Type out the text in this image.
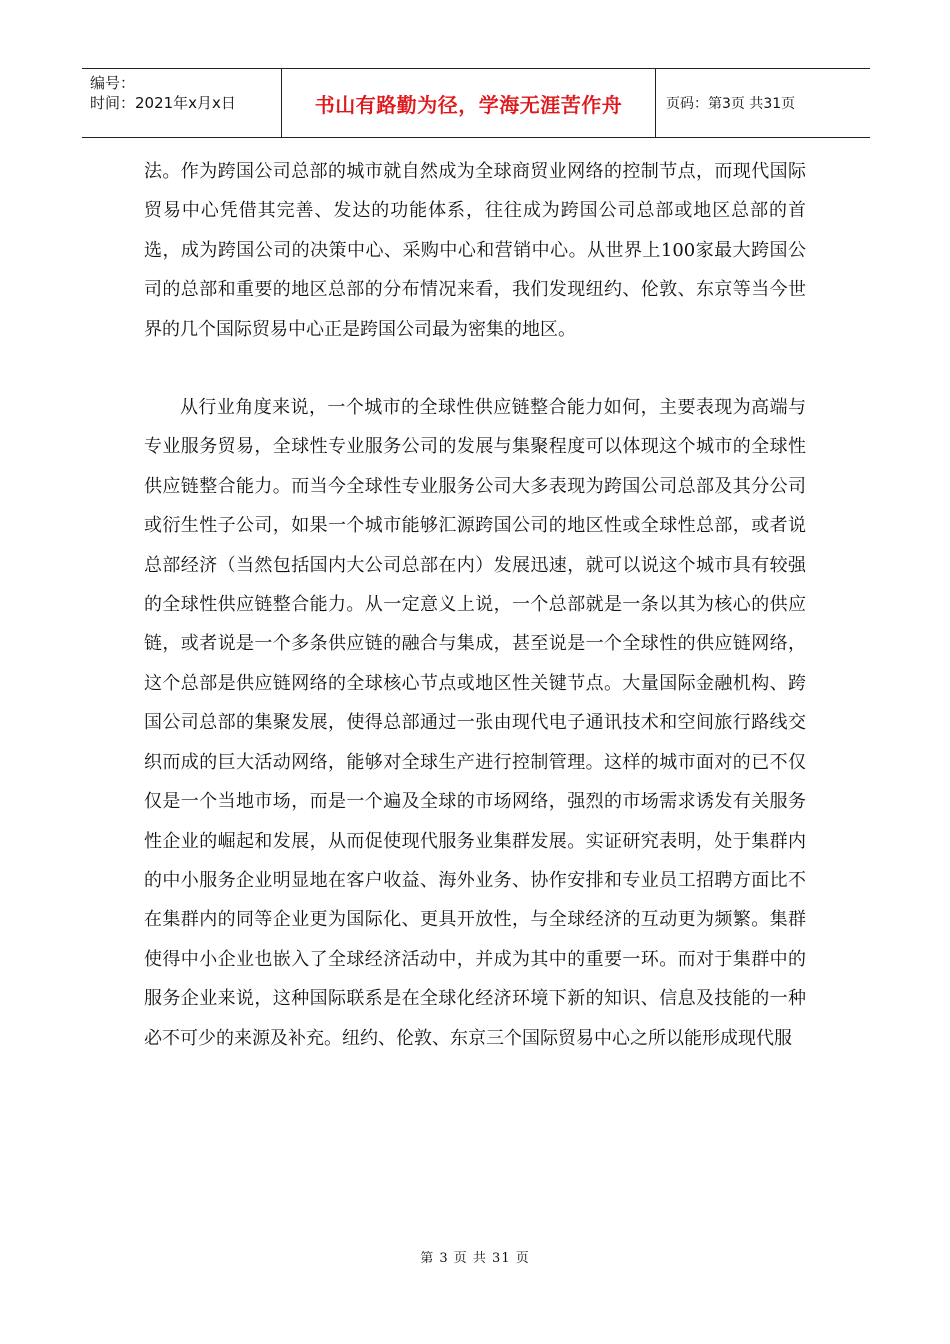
编号：
时间：2021年x月x日	书山有路勤为径，学海无涯苦作舟	页码：第3页 共31页

法。作为跨国公司总部的城市就自然成为全球商贸业网络的控制节点，而现代国际贸易中心凭借其完善、发达的功能体系，往往成为跨国公司总部或地区总部的首选，成为跨国公司的决策中心、采购中心和营销中心。从世界上100家最大跨国公司的总部和重要的地区总部的分布情况来看，我们发现纽约、伦敦、东京等当今世界的几个国际贸易中心正是跨国公司最为密集的地区。

从行业角度来说，一个城市的全球性供应链整合能力如何，主要表现为高端与专业服务贸易，全球性专业服务公司的发展与集聚程度可以体现这个城市的全球性供应链整合能力。而当今全球性专业服务公司大多表现为跨国公司总部及其分公司或衍生性子公司，如果一个城市能够汇源跨国公司的地区性或全球性总部，或者说总部经济（当然包括国内大公司总部在内）发展迅速，就可以说这个城市具有较强的全球性供应链整合能力。从一定意义上说，一个总部就是一条以其为核心的供应链，或者说是一个多条供应链的融合与集成，甚至说是一个全球性的供应链网络，这个总部是供应链网络的全球核心节点或地区性关键节点。大量国际金融机构、跨国公司总部的集聚发展，使得总部通过一张由现代电子通讯技术和空间旅行路线交织而成的巨大活动网络，能够对全球生产进行控制管理。这样的城市面对的已不仅仅是一个当地市场，而是一个遍及全球的市场网络，强烈的市场需求诱发有关服务性企业的崛起和发展，从而促使现代服务业集群发展。实证研究表明，处于集群内的中小服务企业明显地在客户收益、海外业务、协作安排和专业员工招聘方面比不在集群内的同等企业更为国际化、更具开放性，与全球经济的互动更为频繁。集群使得中小企业也嵌入了全球经济活动中，并成为其中的重要一环。而对于集群中的服务企业来说，这种国际联系是在全球化经济环境下新的知识、信息及技能的一种必不可少的来源及补充。纽约、伦敦、东京三个国际贸易中心之所以能形成现代服

第 3 页 共 31 页
